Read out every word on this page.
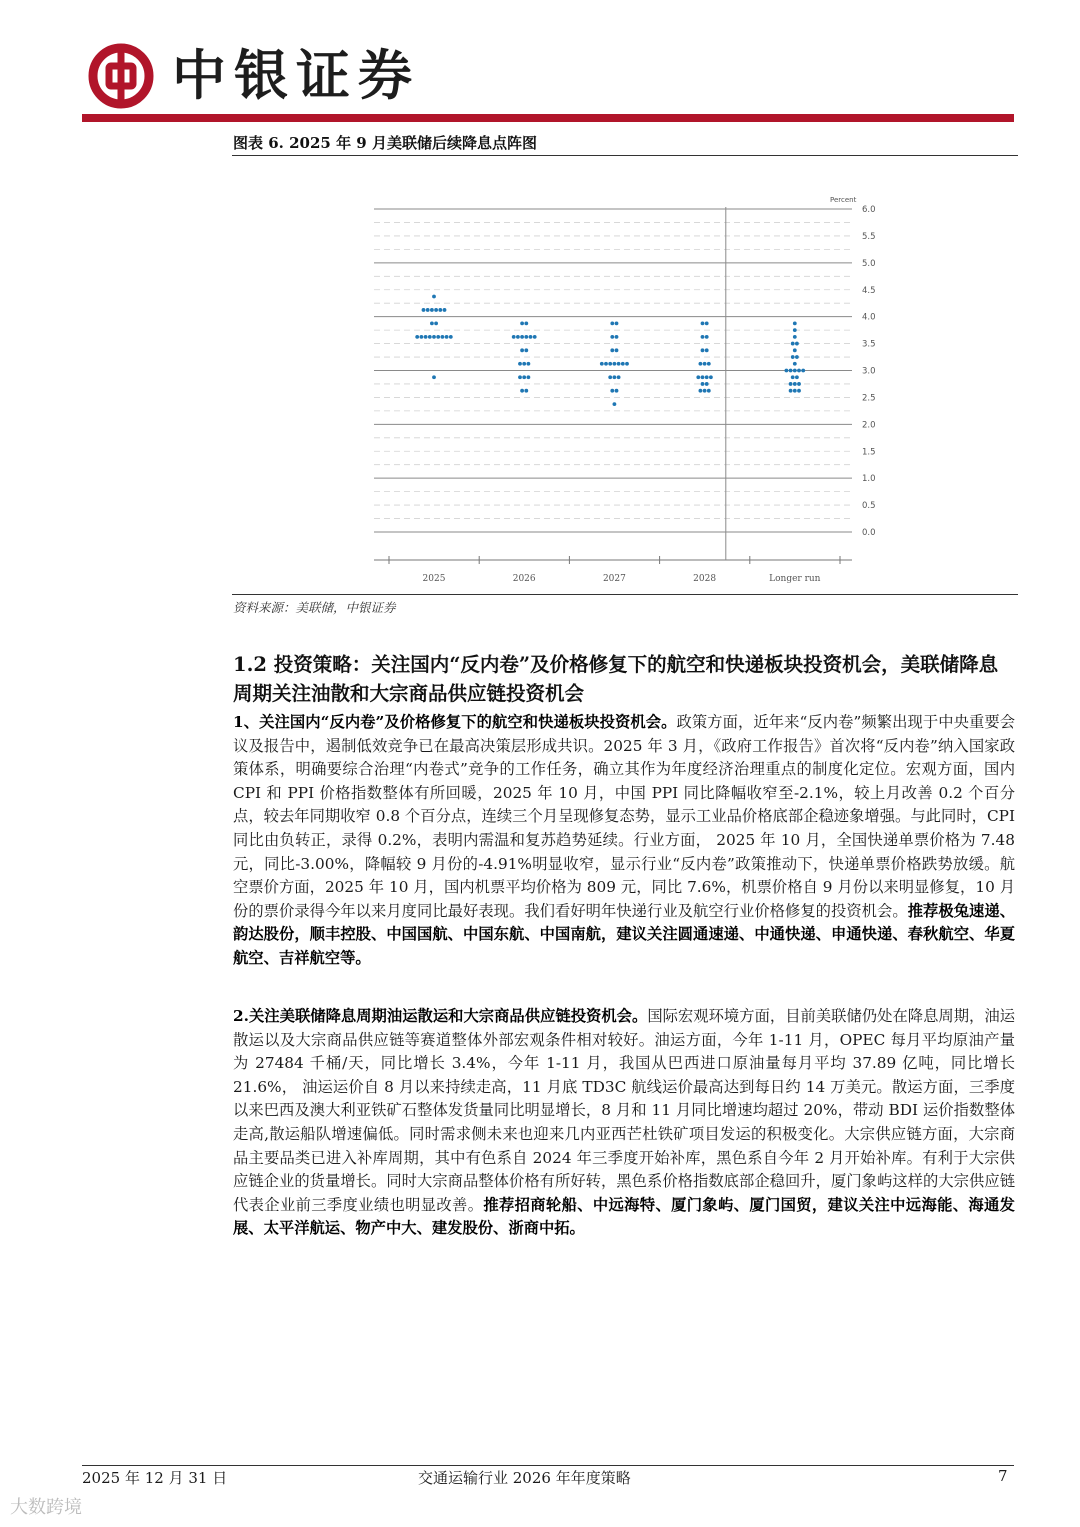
中银证券
图表 6. 2025 年 9 月美联储后续降息点阵图
6.0
5.5
5.0
4.5
4.0
3.5
3.0
2.5
2.0
1.5
1.0
0.5
0.0
Percent
2025	2026	2027	2028	Longer run
资料来源：美联储，中银证券
1.2 投资策略：关注国内“反内卷”及价格修复下的航空和快递板块投资机会，美联储降息周期关注油散和大宗商品供应链投资机会
1、关注国内“反内卷”及价格修复下的航空和快递板块投资机会。政策方面，近年来“反内卷”频繁出现于中央重要会议及报告中，遏制低效竞争已在最高决策层形成共识。2025 年 3 月，《政府工作报告》首次将“反内卷”纳入国家政策体系，明确要综合治理“内卷式”竞争的工作任务，确立其作为年度经济治理重点的制度化定位。宏观方面，国内 CPI 和 PPI 价格指数整体有所回暖，2025 年 10 月，中国 PPI 同比降幅收窄至-2.1%，较上月改善 0.2 个百分点，较去年同期收窄 0.8 个百分点，连续三个月呈现修复态势，显示工业品价格底部企稳迹象增强。与此同时，CPI 同比由负转正，录得 0.2%，表明内需温和复苏趋势延续。行业方面， 2025 年 10 月，全国快递单票价格为 7.48 元，同比-3.00%，降幅较 9 月份的-4.91%明显收窄，显示行业“反内卷”政策推动下，快递单票价格跌势放缓。航空票价方面，2025 年 10 月，国内机票平均价格为 809 元，同比 7.6%，机票价格自 9 月份以来明显修复，10 月份的票价录得今年以来月度同比最好表现。我们看好明年快递行业及航空行业价格修复的投资机会。推荐极兔速递、韵达股份，顺丰控股、中国国航、中国东航、中国南航，建议关注圆通速递、中通快递、申通快递、春秋航空、华夏航空、吉祥航空等。
2.关注美联储降息周期油运散运和大宗商品供应链投资机会。国际宏观环境方面，目前美联储仍处在降息周期，油运散运以及大宗商品供应链等赛道整体外部宏观条件相对较好。油运方面，今年 1-11 月，OPEC 每月平均原油产量为 27484 千桶/天，同比增长 3.4%，今年 1-11 月，我国从巴西进口原油量每月平均 37.89 亿吨，同比增长 21.6%， 油运运价自 8 月以来持续走高，11 月底 TD3C 航线运价最高达到每日约 14 万美元。散运方面，三季度以来巴西及澳大利亚铁矿石整体发货量同比明显增长，8 月和 11 月同比增速均超过 20%，带动 BDI 运价指数整体走高,散运船队增速偏低。同时需求侧未来也迎来几内亚西芒杜铁矿项目发运的积极变化。大宗供应链方面，大宗商品主要品类已进入补库周期，其中有色系自 2024 年三季度开始补库，黑色系自今年 2 月开始补库。有利于大宗供应链企业的货量增长。同时大宗商品整体价格有所好转，黑色系价格指数底部企稳回升，厦门象屿这样的大宗供应链代表企业前三季度业绩也明显改善。推荐招商轮船、中远海特、厦门象屿、厦门国贸，建议关注中远海能、海通发展、太平洋航运、物产中大、建发股份、浙商中拓。
2025 年 12 月 31 日	交通运输行业 2026 年年度策略	7
大数跨境
